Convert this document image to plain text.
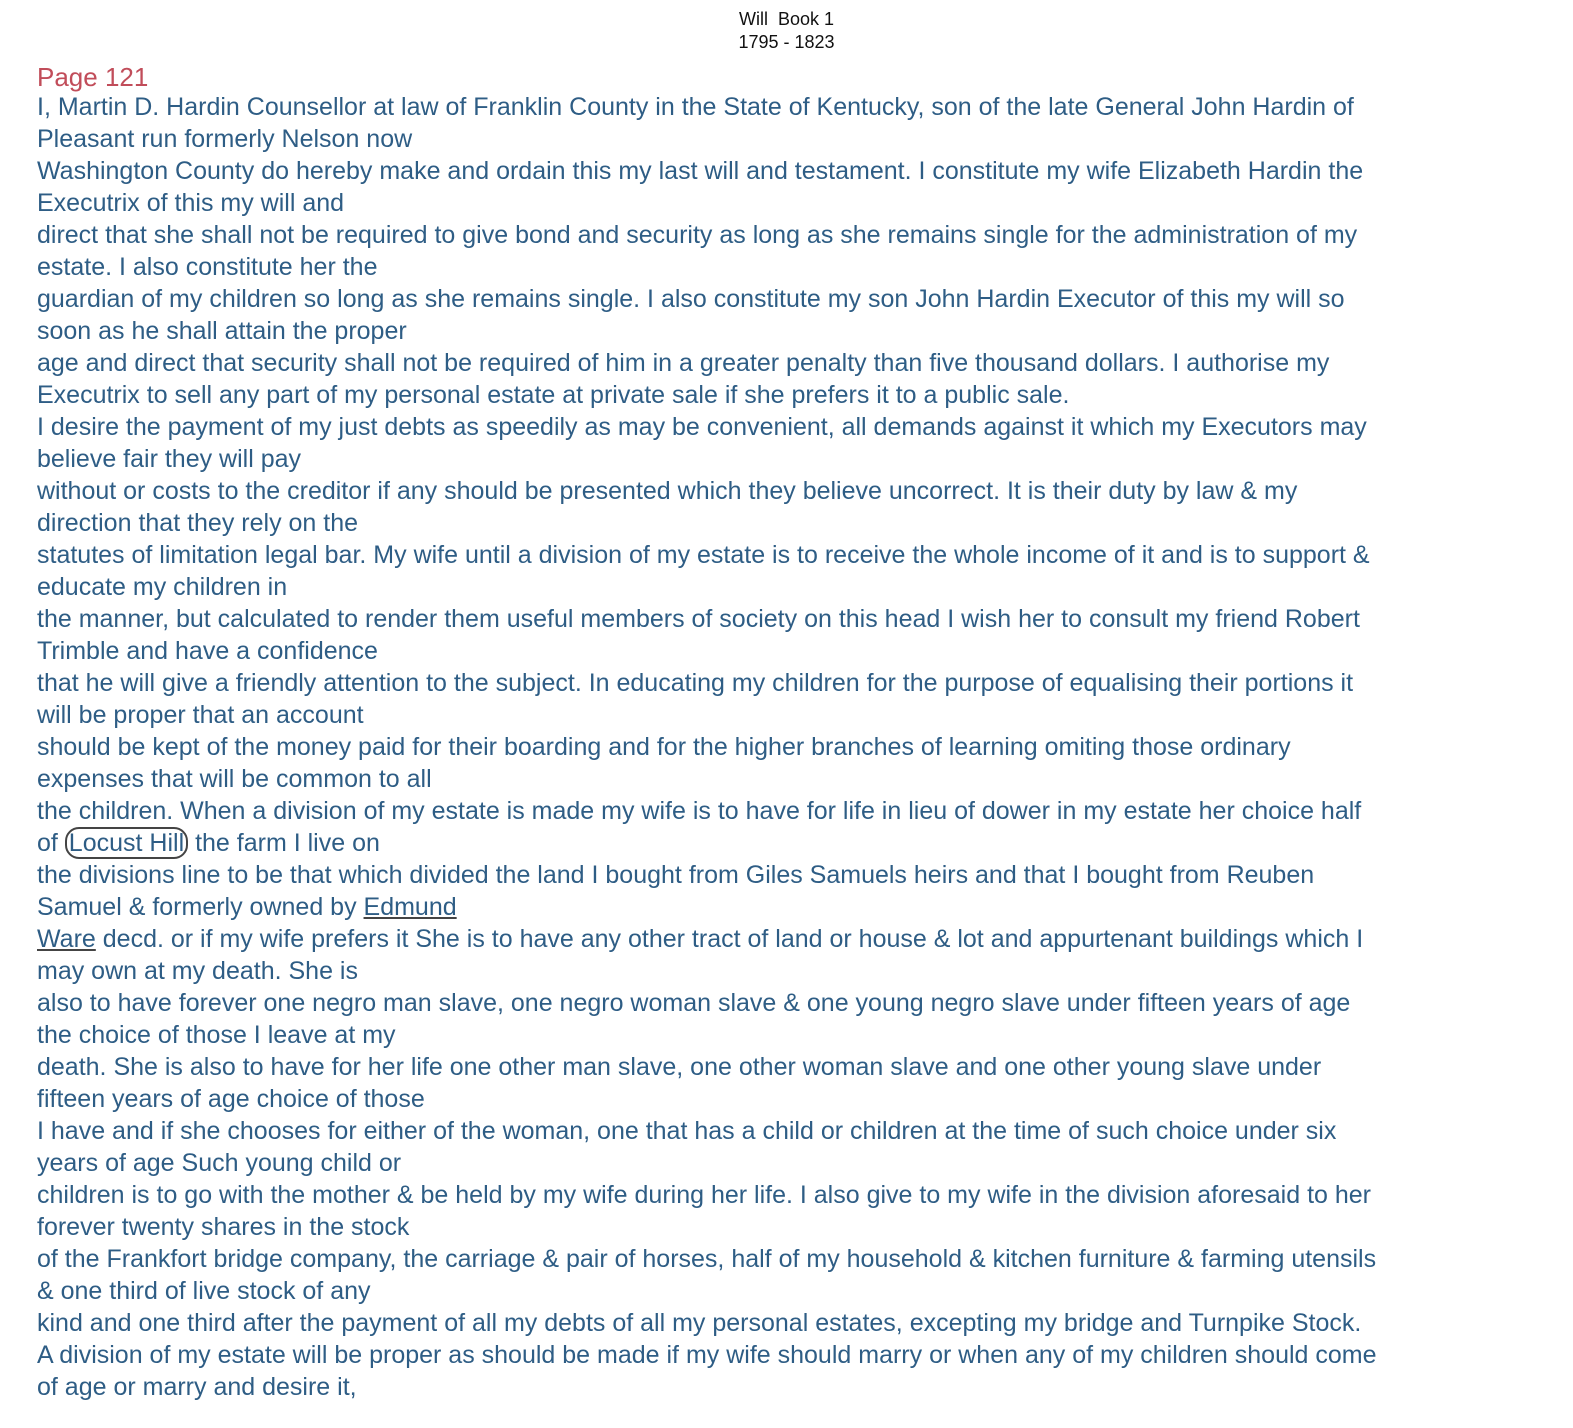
Will  Book 1
1795 - 1823
Page 121
I, Martin D. Hardin Counsellor at law of Franklin County in the State of Kentucky, son of the late General John Hardin of
Pleasant run formerly Nelson now
Washington County do hereby make and ordain this my last will and testament. I constitute my wife Elizabeth Hardin the
Executrix of this my will and
direct that she shall not be required to give bond and security as long as she remains single for the administration of my
estate. I also constitute her the
guardian of my children so long as she remains single. I also constitute my son John Hardin Executor of this my will so
soon as he shall attain the proper
age and direct that security shall not be required of him in a greater penalty than five thousand dollars. I authorise my
Executrix to sell any part of my personal estate at private sale if she prefers it to a public sale.
I desire the payment of my just debts as speedily as may be convenient, all demands against it which my Executors may
believe fair they will pay
without or costs to the creditor if any should be presented which they believe uncorrect. It is their duty by law & my
direction that they rely on the
statutes of limitation legal bar. My wife until a division of my estate is to receive the whole income of it and is to support &
educate my children in
the manner, but calculated to render them useful members of society on this head I wish her to consult my friend Robert
Trimble and have a confidence
that he will give a friendly attention to the subject. In educating my children for the purpose of equalising their portions it
will be proper that an account
should be kept of the money paid for their boarding and for the higher branches of learning omiting those ordinary
expenses that will be common to all
the children. When a division of my estate is made my wife is to have for life in lieu of dower in my estate her choice half
of Locust Hill the farm I live on
the divisions line to be that which divided the land I bought from Giles Samuels heirs and that I bought from Reuben
Samuel & formerly owned by Edmund
Ware decd. or if my wife prefers it She is to have any other tract of land or house & lot and appurtenant buildings which I
may own at my death. She is
also to have forever one negro man slave, one negro woman slave & one young negro slave under fifteen years of age
the choice of those I leave at my
death. She is also to have for her life one other man slave, one other woman slave and one other young slave under
fifteen years of age choice of those
I have and if she chooses for either of the woman, one that has a child or children at the time of such choice under six
years of age Such young child or
children is to go with the mother & be held by my wife during her life. I also give to my wife in the division aforesaid to her
forever twenty shares in the stock
of the Frankfort bridge company, the carriage & pair of horses, half of my household & kitchen furniture & farming utensils
& one third of live stock of any
kind and one third after the payment of all my debts of all my personal estates, excepting my bridge and Turnpike Stock.
A division of my estate will be proper as should be made if my wife should marry or when any of my children should come
of age or marry and desire it,
